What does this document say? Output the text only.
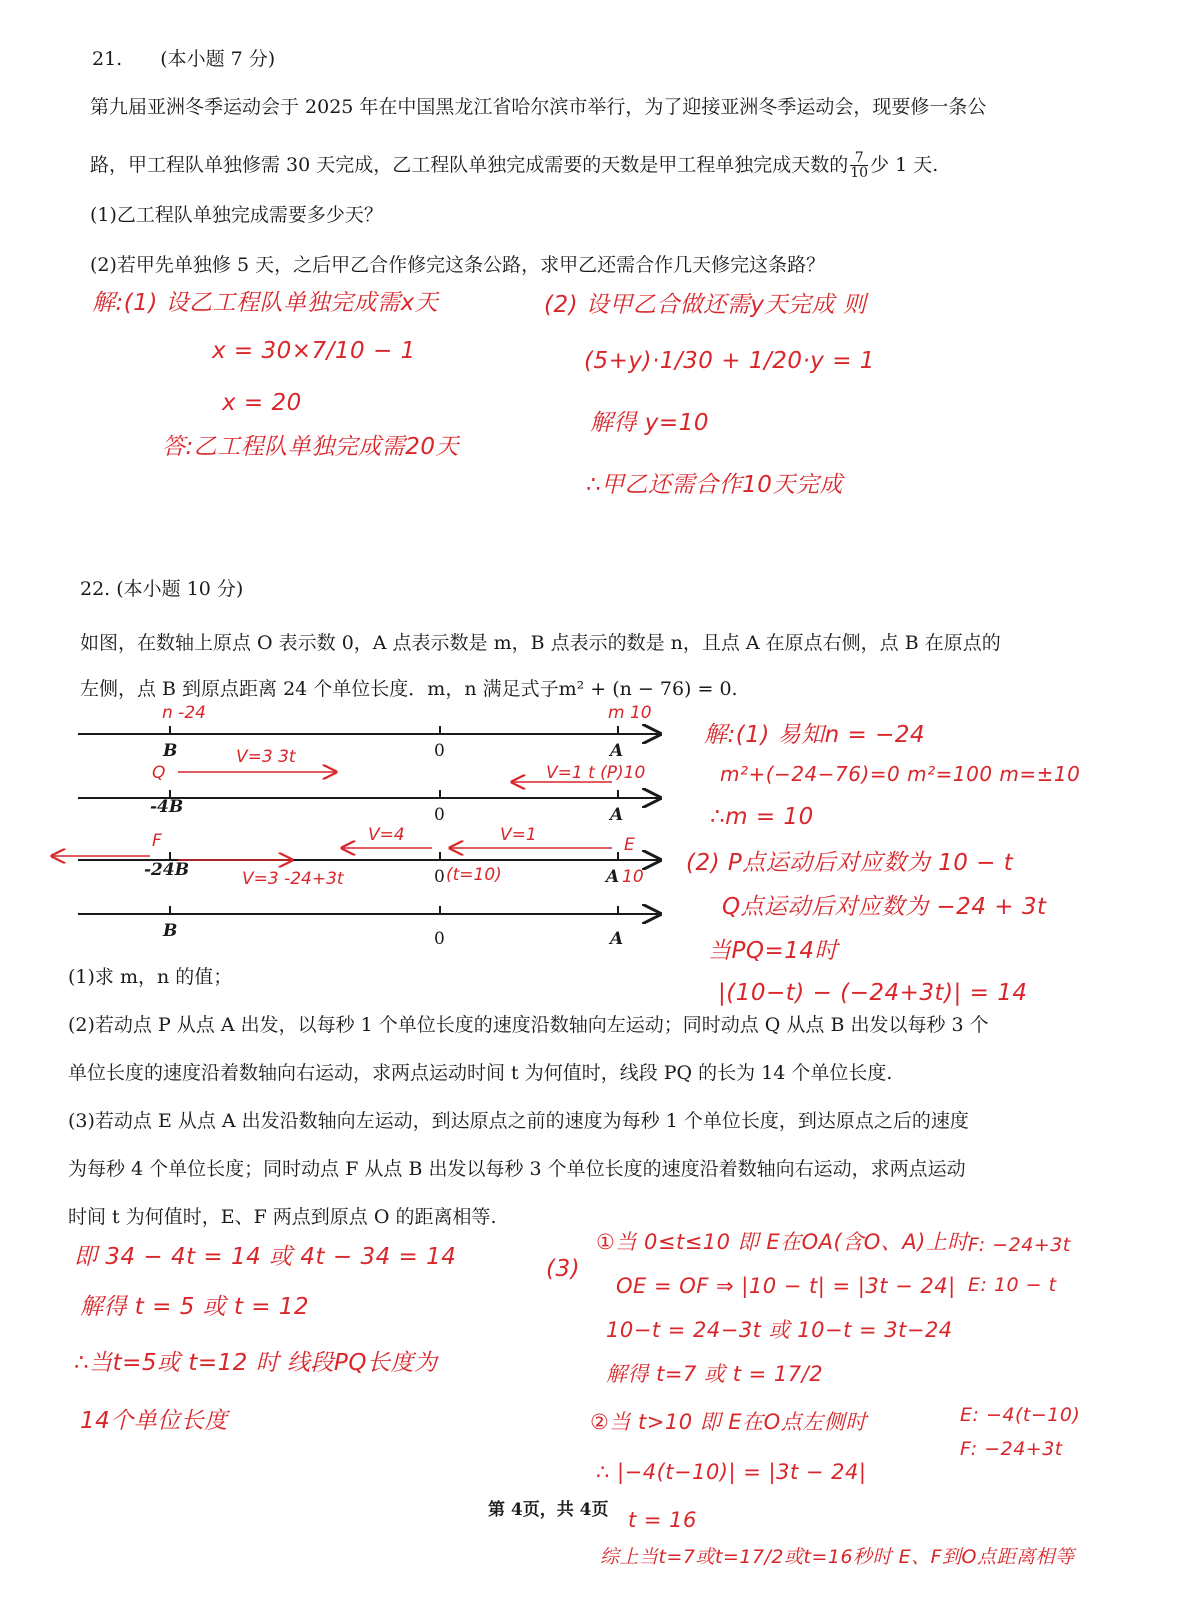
21.　　(本小题 7 分)
第九届亚洲冬季运动会于 2025 年在中国黑龙江省哈尔滨市举行，为了迎接亚洲冬季运动会，现要修一条公
路，甲工程队单独修需 30 天完成，乙工程队单独完成需要的天数是甲工程单独完成天数的 $\frac{7}{10}$ 少 1 天.
(1)乙工程队单独完成需要多少天？
(2)若甲先单独修 5 天，之后甲乙合作修完这条公路，求甲乙还需合作几天修完这条路？
解:(1) 设乙工程队单独完成需x天
x = 30×7/10 − 1
x = 20
答:乙工程队单独完成需20天
(2) 设甲乙合做还需y天完成 则
(5+y)·1/30 + 1/20·y = 1
解得 y=10
∴甲乙还需合作10天完成
22. (本小题 10 分)
如图，在数轴上原点 O 表示数 0，A 点表示数是 m，B 点表示的数是 n，且点 A 在原点右侧，点 B 在原点的
左侧，点 B 到原点距离 24 个单位长度．m，n 满足式子m² + (n − 76) = 0.
B	0	A
n -24	m 10
-4B	0	A
Q
V=3 3t
V=1 t (P)10
-24B	0	A
F	V=4	V=1	E
V=3 -24+3t	(t=10)	10
B	0	A
解:(1) 易知n = −24
m²+(−24−76)=0 m²=100 m=±10
∴m = 10
(2) P点运动后对应数为 10 − t
Q点运动后对应数为 −24 + 3t
当PQ=14时
|(10−t) − (−24+3t)| = 14
(1)求 m，n 的值；
(2)若动点 P 从点 A 出发，以每秒 1 个单位长度的速度沿数轴向左运动；同时动点 Q 从点 B 出发以每秒 3 个
单位长度的速度沿着数轴向右运动，求两点运动时间 t 为何值时，线段 PQ 的长为 14 个单位长度.
(3)若动点 E 从点 A 出发沿数轴向左运动，到达原点之前的速度为每秒 1 个单位长度，到达原点之后的速度
为每秒 4 个单位长度；同时动点 F 从点 B 出发以每秒 3 个单位长度的速度沿着数轴向右运动，求两点运动
时间 t 为何值时，E、F 两点到原点 O 的距离相等.
即 34 − 4t = 14 或 4t − 34 = 14
解得 t = 5 或 t = 12
∴当t=5或 t=12 时 线段PQ长度为
14个单位长度
(3)
①当 0≤t≤10 即 E在OA(含O、A)上时 F: −24+3t
E: 10 − t
OE = OF ⇒ |10 − t| = |3t − 24|
10−t = 24−3t 或 10−t = 3t−24
解得 t=7 或 t = 17/2
②当 t>10 即 E在O点左侧时	E: −4(t−10)
F: −24+3t
∴ |−4(t−10)| = |3t − 24|
t = 16
综上当t=7或t=17/2或t=16秒时 E、F到O点距离相等
第 4页，共 4页
